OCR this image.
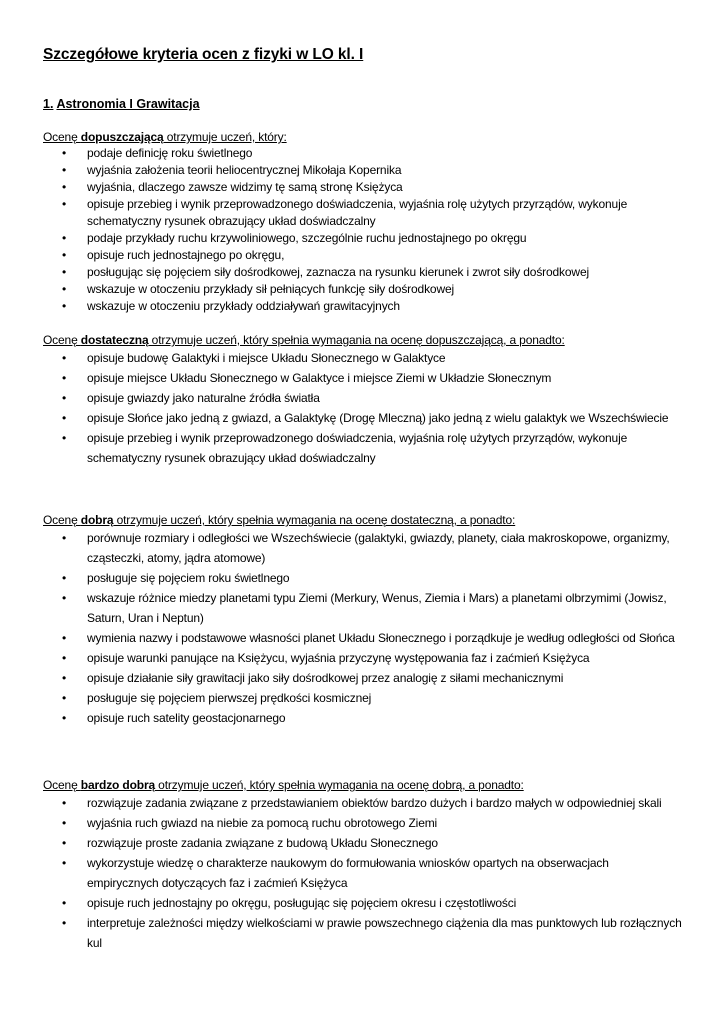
Szczegółowe kryteria ocen z fizyki w LO kl. I
1. Astronomia I Grawitacja
Ocenę dopuszczającą otrzymuje uczeń, który:
• podaje definicję roku świetlnego
• wyjaśnia założenia teorii heliocentrycznej Mikołaja Kopernika
• wyjaśnia, dlaczego zawsze widzimy tę samą stronę Księżyca
• opisuje przebieg i wynik przeprowadzonego doświadczenia, wyjaśnia rolę użytych przyrządów, wykonuje schematyczny rysunek obrazujący układ doświadczalny
• podaje przykłady ruchu krzywoliniowego, szczególnie ruchu jednostajnego po okręgu
• opisuje ruch jednostajnego po okręgu,
• posługując się pojęciem siły dośrodkowej, zaznacza na rysunku kierunek i zwrot siły dośrodkowej
• wskazuje w otoczeniu przykłady sił pełniących funkcję siły dośrodkowej
• wskazuje w otoczeniu przykłady oddziaływań grawitacyjnych
Ocenę dostateczną otrzymuje uczeń, który spełnia wymagania na ocenę dopuszczającą, a ponadto:
• opisuje budowę Galaktyki i miejsce Układu Słonecznego w Galaktyce
• opisuje miejsce Układu Słonecznego w Galaktyce i miejsce Ziemi w Układzie Słonecznym
• opisuje gwiazdy jako naturalne źródła światła
• opisuje Słońce jako jedną z gwiazd, a Galaktykę (Drogę Mleczną) jako jedną z wielu galaktyk we Wszechświecie
• opisuje przebieg i wynik przeprowadzonego doświadczenia, wyjaśnia rolę użytych przyrządów, wykonuje schematyczny rysunek obrazujący układ doświadczalny
Ocenę dobrą otrzymuje uczeń, który spełnia wymagania na ocenę dostateczną, a ponadto:
• porównuje rozmiary i odległości we Wszechświecie (galaktyki, gwiazdy, planety, ciała makroskopowe, organizmy, cząsteczki, atomy, jądra atomowe)
• posługuje się pojęciem roku świetlnego
• wskazuje różnice miedzy planetami typu Ziemi (Merkury, Wenus, Ziemia i Mars) a planetami olbrzymimi (Jowisz, Saturn, Uran i Neptun)
• wymienia nazwy i podstawowe własności planet Układu Słonecznego i porządkuje je według odległości od Słońca
• opisuje warunki panujące na Księżycu, wyjaśnia przyczynę występowania faz i zaćmień Księżyca
• opisuje działanie siły grawitacji jako siły dośrodkowej przez analogię z siłami mechanicznymi
• posługuje się pojęciem pierwszej prędkości kosmicznej
• opisuje ruch satelity geostacjonarnego
Ocenę bardzo dobrą otrzymuje uczeń, który spełnia wymagania na ocenę dobrą, a ponadto:
• rozwiązuje zadania związane z przedstawianiem obiektów bardzo dużych i bardzo małych w odpowiedniej skali
• wyjaśnia ruch gwiazd na niebie za pomocą ruchu obrotowego Ziemi
• rozwiązuje proste zadania związane z budową Układu Słonecznego
• wykorzystuje wiedzę o charakterze naukowym do formułowania wniosków opartych na obserwacjach empirycznych dotyczących faz i zaćmień Księżyca
• opisuje ruch jednostajny po okręgu, posługując się pojęciem okresu i częstotliwości
• interpretuje zależności między wielkościami w prawie powszechnego ciążenia dla mas punktowych lub rozłącznych kul
